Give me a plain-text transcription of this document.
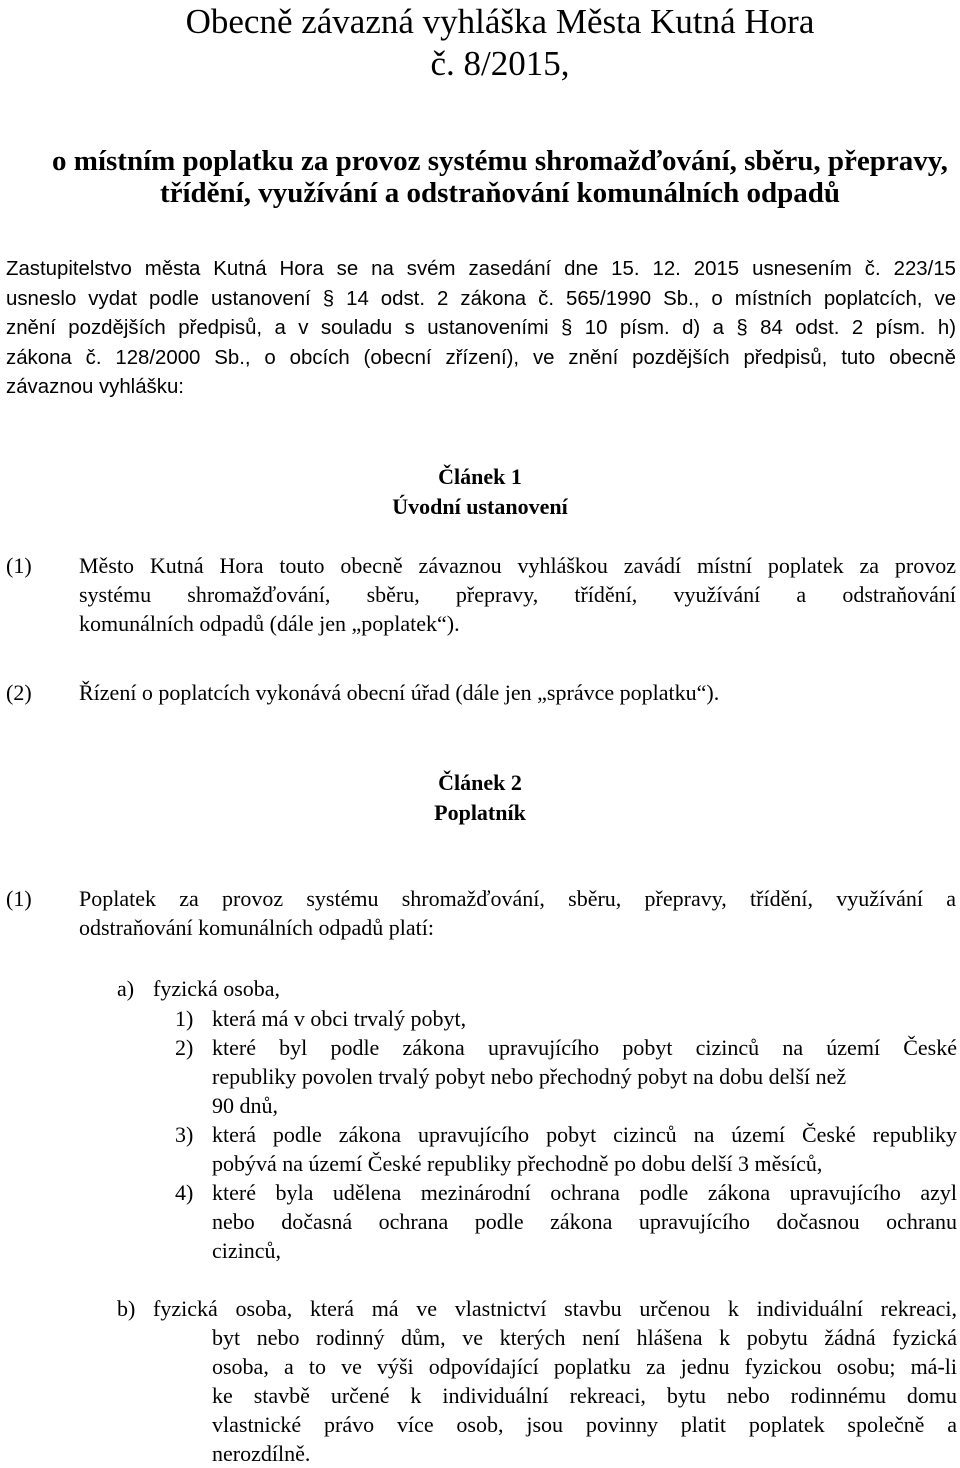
Obecně závazná vyhláška Města Kutná Hora
č. 8/2015,
o místním poplatku za provoz systému shromažďování, sběru, přepravy,
třídění, využívání a odstraňování komunálních odpadů
Zastupitelstvo města Kutná Hora se na svém zasedání dne 15. 12. 2015 usnesením č. 223/15
usneslo vydat podle ustanovení § 14 odst. 2 zákona č. 565/1990 Sb., o místních poplatcích, ve
znění pozdějších předpisů, a v souladu s ustanoveními § 10 písm. d) a § 84 odst. 2 písm. h)
zákona č. 128/2000 Sb., o obcích (obecní zřízení), ve znění pozdějších předpisů, tuto obecně
závaznou vyhlášku:
Článek 1
Úvodní ustanovení
(1) Město Kutná Hora touto obecně závaznou vyhláškou zavádí místní poplatek za provoz
systému shromažďování, sběru, přepravy, třídění, využívání a odstraňování
komunálních odpadů (dále jen „poplatek“).
(2) Řízení o poplatcích vykonává obecní úřad (dále jen „správce poplatku“).
Článek 2
Poplatník
(1) Poplatek za provoz systému shromažďování, sběru, přepravy, třídění, využívání a
odstraňování komunálních odpadů platí:
a) fyzická osoba,
1) která má v obci trvalý pobyt,
2) které byl podle zákona upravujícího pobyt cizinců na území České
republiky povolen trvalý pobyt nebo přechodný pobyt na dobu delší než
90 dnů,
3) která podle zákona upravujícího pobyt cizinců na území České republiky
pobývá na území České republiky přechodně po dobu delší 3 měsíců,
4) které byla udělena mezinárodní ochrana podle zákona upravujícího azyl
nebo dočasná ochrana podle zákona upravujícího dočasnou ochranu
cizinců,
b) fyzická osoba, která má ve vlastnictví stavbu určenou k individuální rekreaci,
byt nebo rodinný dům, ve kterých není hlášena k pobytu žádná fyzická
osoba, a to ve výši odpovídající poplatku za jednu fyzickou osobu; má-li
ke stavbě určené k individuální rekreaci, bytu nebo rodinnému domu
vlastnické právo více osob, jsou povinny platit poplatek společně a
nerozdílně.
